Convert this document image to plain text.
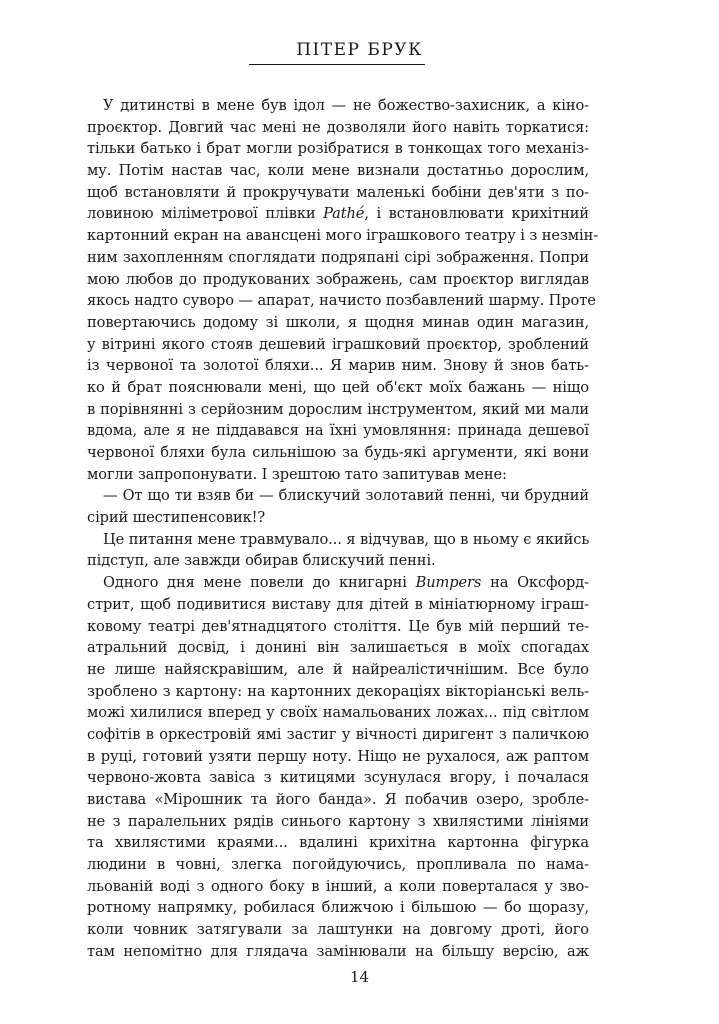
ПІТЕР БРУК
У дитинстві в мене був ідол — не божество-захисник, а кіно-
проєктор. Довгий час мені не дозволяли його навіть торкатися:
тільки батько і брат могли розібратися в тонкощах того механіз-
му. Потім настав час, коли мене визнали достатньо дорослим,
щоб встановляти й прокручувати маленькі бобіни дев'яти з по-
ловиною міліметрової плівки Pathé, і встановлювати крихітний
картонний екран на авансцені мого іграшкового театру і з незмін-
ним захопленням споглядати подряпані сірі зображення. Попри
мою любов до продукованих зображень, сам проєктор виглядав
якось надто суворо — апарат, начисто позбавлений шарму. Проте
повертаючись додому зі школи, я щодня минав один магазин,
у вітрині якого стояв дешевий іграшковий проєктор, зроблений
із червоної та золотої бляхи... Я марив ним. Знову й знов бать-
ко й брат пояснювали мені, що цей об'єкт моїх бажань — ніщо
в порівнянні з серйозним дорослим інструментом, який ми мали
вдома, але я не піддавався на їхні умовляння: принада дешевої
червоної бляхи була сильнішою за будь-які аргументи, які вони
могли запропонувати. І зрештою тато запитував мене:
— От що ти взяв би — блискучий золотавий пенні, чи брудний
сірий шестипенсовик!?
Це питання мене травмувало... я відчував, що в ньому є якийсь
підступ, але завжди обирав блискучий пенні.
Одного дня мене повели до книгарні Bumpers на Оксфорд-
стрит, щоб подивитися виставу для дітей в мініатюрному іграш-
ковому театрі дев'ятнадцятого століття. Це був мій перший те-
атральний досвід, і донині він залишається в моїх спогадах
не лише найяскравішим, але й найреалістичнішим. Все було
зроблено з картону: на картонних декораціях вікторіанські вель-
можі хилилися вперед у своїх намальованих ложах... під світлом
софітів в оркестровій ямі застиг у вічності диригент з паличкою
в руці, готовий узяти першу ноту. Ніщо не рухалося, аж раптом
червоно-жовта завіса з китицями зсунулася вгору, і почалася
вистава «Мірошник та його банда». Я побачив озеро, зробле-
не з паралельних рядів синього картону з хвилястими лініями
та хвилястими краями... вдалині крихітна картонна фігурка
людини в човні, злегка погойдуючись, пропливала по нама-
льованій воді з одного боку в інший, а коли поверталася у зво-
ротному напрямку, робилася ближчою і більшою — бо щоразу,
коли човник затягували за лаштунки на довгому дроті, його
там непомітно для глядача замінювали на більшу версію, аж
14
